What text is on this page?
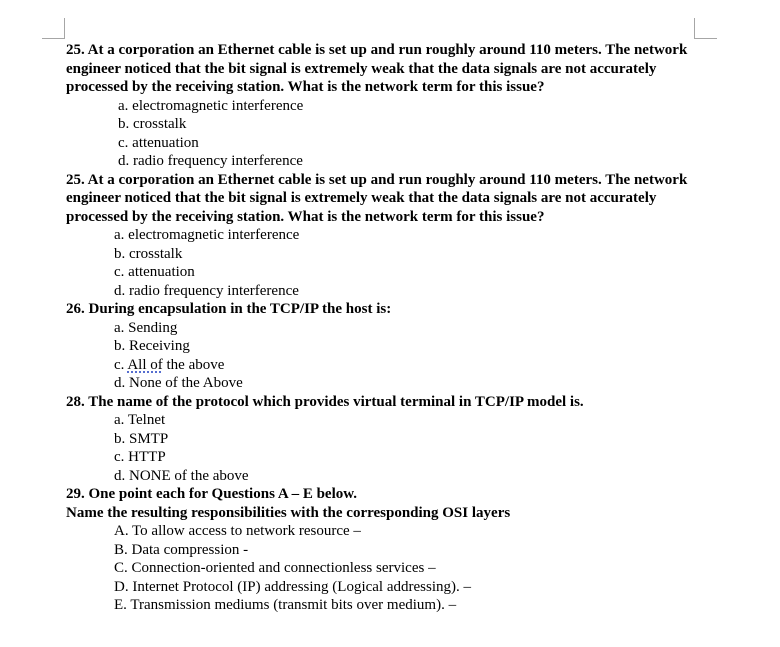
25. At a corporation an Ethernet cable is set up and run roughly around 110 meters. The network engineer noticed that the bit signal is extremely weak that the data signals are not accurately processed by the receiving station. What is the network term for this issue?

a. electromagnetic interference
b. crosstalk
c. attenuation
d. radio frequency interference

25. At a corporation an Ethernet cable is set up and run roughly around 110 meters. The network engineer noticed that the bit signal is extremely weak that the data signals are not accurately processed by the receiving station. What is the network term for this issue?

a. electromagnetic interference
b. crosstalk
c. attenuation
d. radio frequency interference

26. During encapsulation in the TCP/IP the host is:

a. Sending
b. Receiving
c. All of the above
d. None of the Above

28. The name of the protocol which provides virtual terminal in TCP/IP model is.

a. Telnet
b. SMTP
c. HTTP
d. NONE of the above

29. One point each for Questions A – E below.

Name the resulting responsibilities with the corresponding OSI layers

A. To allow access to network resource –
B. Data compression -
C. Connection-oriented and connectionless services –
D. Internet Protocol (IP) addressing (Logical addressing). –
E. Transmission mediums (transmit bits over medium). –
